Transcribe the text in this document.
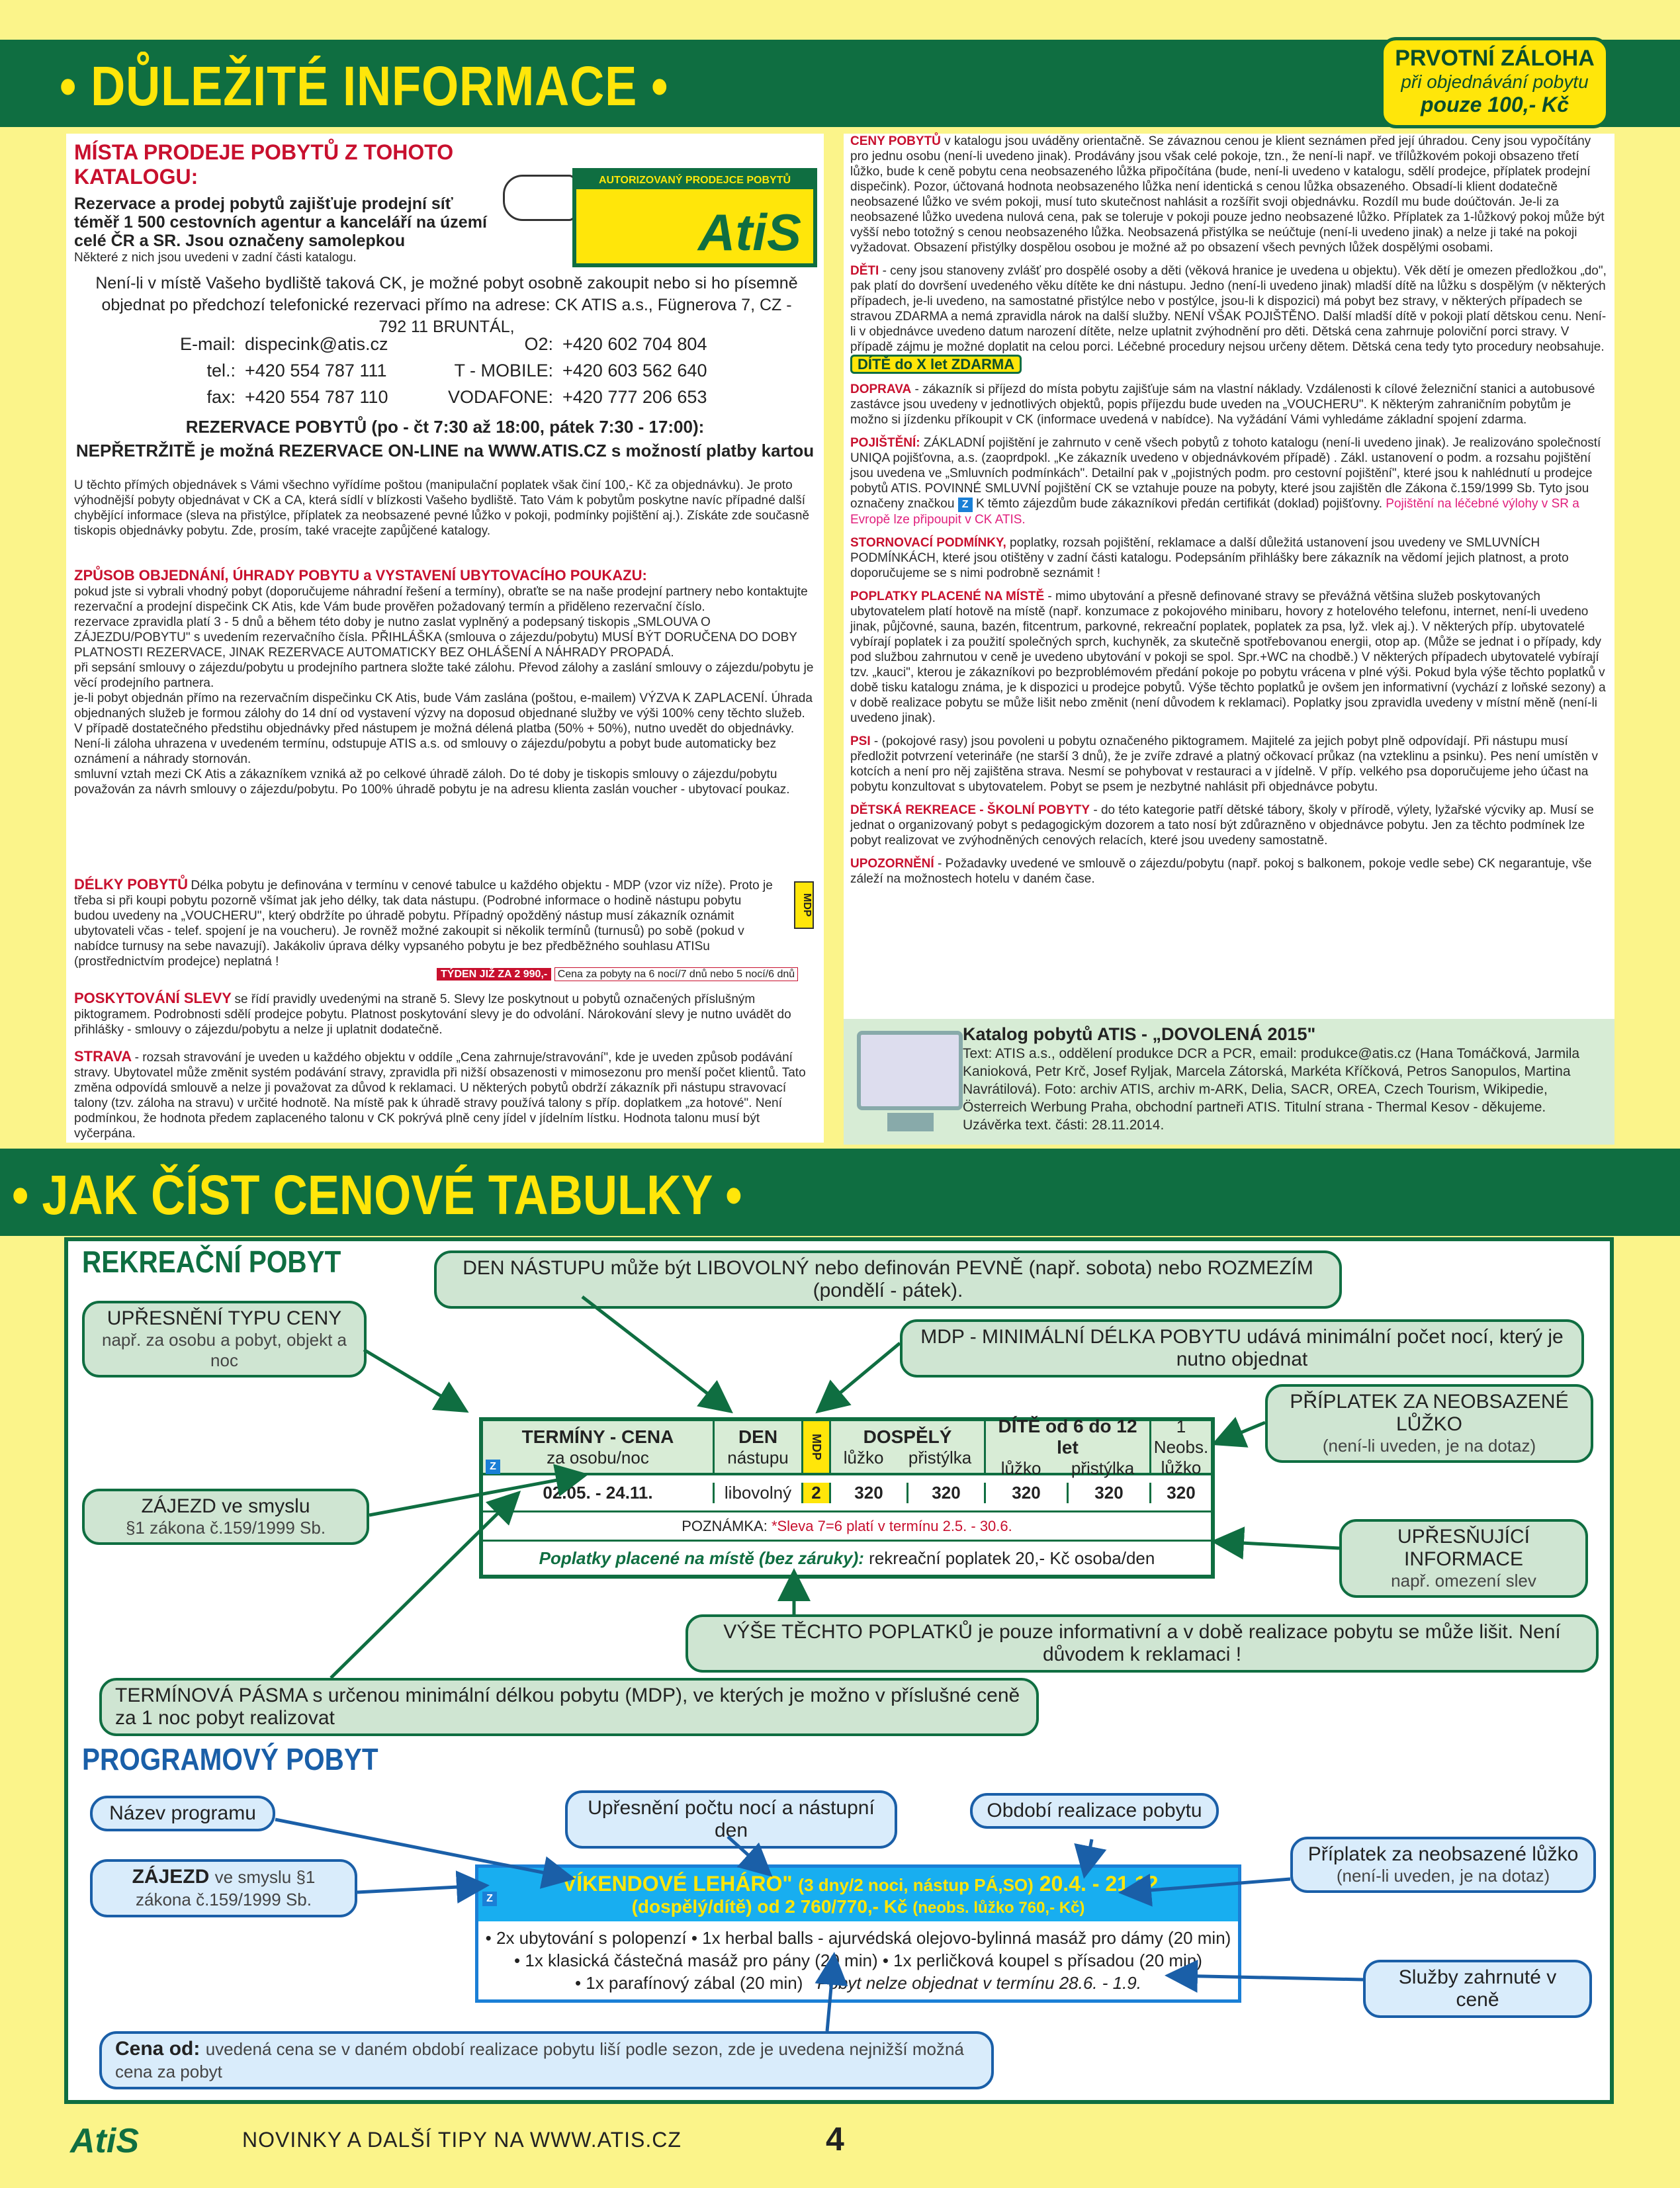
• DŮLEŽITÉ INFORMACE •	PRVOTNÍ ZÁLOHA
při objednávání pobytu
pouze 100,- Kč
MÍSTA PRODEJE POBYTŮ Z TOHOTO KATALOGU:
Rezervace a prodej pobytů zajišťuje prodejní síť téměř 1 500 cestovních agentur a kanceláří na území celé ČR a SR. Jsou označeny samolepkou
Některé z nich jsou uvedeni v zadní části katalogu.
AUTORIZOVANÝ PRODEJCE POBYTŮ
AtiS
Není-li v místě Vašeho bydliště taková CK, je možné pobyt osobně zakoupit nebo si ho písemně objednat po předchozí telefonické rezervaci přímo na adrese: CK ATIS a.s., Fügnerova 7, CZ - 792 11 BRUNTÁL,
E-mail: dispecink@atis.cz	O2: +420 602 704 804
tel.: +420 554 787 111	T - MOBILE: +420 603 562 640
fax: +420 554 787 110	VODAFONE: +420 777 206 653
REZERVACE POBYTŮ (po - čt 7:30 až 18:00, pátek 7:30 - 17:00):
NEPŘETRŽITĚ je možná REZERVACE ON-LINE na WWW.ATIS.CZ s možností platby kartou
U těchto přímých objednávek s Vámi všechno vyřídíme poštou (manipulační poplatek však činí 100,- Kč za objednávku). Je proto výhodnější pobyty objednávat v CK a CA, která sídlí v blízkosti Vašeho bydliště. Tato Vám k pobytům poskytne navíc případné další chybějící informace (sleva na přistýlce, příplatek za neobsazené pevné lůžko v pokoji, podmínky pojištění aj.). Získáte zde současně tiskopis objednávky pobytu. Zde, prosím, také vracejte zapůjčené katalogy.
ZPŮSOB OBJEDNÁNÍ, ÚHRADY POBYTU a VYSTAVENÍ UBYTOVACÍHO POUKAZU:
pokud jste si vybrali vhodný pobyt (doporučujeme náhradní řešení a termíny), obraťte se na naše prodejní partnery nebo kontaktujte rezervační a prodejní dispečink CK Atis, kde Vám bude prověřen požadovaný termín a přiděleno rezervační číslo.
rezervace zpravidla platí 3 - 5 dnů a během této doby je nutno zaslat vyplněný a podepsaný tiskopis „SMLOUVA O ZÁJEZDU/POBYTU" s uvedením rezervačního čísla. PŘIHLÁŠKA (smlouva o zájezdu/pobytu) MUSÍ BÝT DORUČENA DO DOBY PLATNOSTI REZERVACE, JINAK REZERVACE AUTOMATICKY BEZ OHLÁŠENÍ A NÁHRADY PROPADÁ.
při sepsání smlouvy o zájezdu/pobytu u prodejního partnera složte také zálohu. Převod zálohy a zaslání smlouvy o zájezdu/pobytu je věcí prodejního partnera.
je-li pobyt objednán přímo na rezervačním dispečinku CK Atis, bude Vám zaslána (poštou, e-mailem) VÝZVA K ZAPLACENÍ. Úhrada objednaných služeb je formou zálohy do 14 dní od vystavení výzvy na doposud objednané služby ve výši 100% ceny těchto služeb. V případě dostatečného předstihu objednávky před nástupem je možná délená platba (50% + 50%), nutno uvedět do objednávky. Není-li záloha uhrazena v uvedeném termínu, odstupuje ATIS a.s. od smlouvy o zájezdu/pobytu a pobyt bude automaticky bez oznámení a náhrady stornován.
smluvní vztah mezi CK Atis a zákazníkem vzniká až po celkové úhradě záloh. Do té doby je tiskopis smlouvy o zájezdu/pobytu považován za návrh smlouvy o zájezdu/pobytu. Po 100% úhradě pobytu je na adresu klienta zaslán voucher - ubytovací poukaz.
DÉLKY POBYTŮ Délka pobytu je definována v termínu v cenové tabulce u každého objektu - MDP (vzor viz níže). Proto je třeba si při koupi pobytu pozorně všímat jak jeho délky, tak data nástupu. (Podrobné informace o hodině nástupu pobytu budou uvedeny na „VOUCHERU", který obdržíte po úhradě pobytu. Případný opožděný nástup musí zákazník oznámit ubytovateli včas - telef. spojení je na voucheru). Je rovněž možné zakoupit si několik termínů (turnusů) po sobě (pokud v nabídce turnusy na sebe navazují). Jakákoliv úprava délky vypsaného pobytu je bez předběžného souhlasu ATISu (prostřednictvím prodejce) neplatná !
MDP
TÝDEN JIŽ ZA 2 990,- Cena za pobyty na 6 nocí/7 dnů nebo 5 nocí/6 dnů
POSKYTOVÁNÍ SLEVY se řídí pravidly uvedenými na straně 5. Slevy lze poskytnout u pobytů označených příslušným piktogramem. Podrobnosti sdělí prodejce pobytu. Platnost poskytování slevy je do odvolání. Nárokování slevy je nutno uvádět do přihlášky - smlouvy o zájezdu/pobytu a nelze ji uplatnit dodatečně.
STRAVA - rozsah stravování je uveden u každého objektu v oddíle „Cena zahrnuje/stravování", kde je uveden způsob podávání stravy. Ubytovatel může změnit systém podávání stravy, zpravidla při nižší obsazenosti v mimosezonu pro menší počet klientů. Tato změna odpovídá smlouvě a nelze ji považovat za důvod k reklamaci. U některých pobytů obdrží zákazník při nástupu stravovací talony (tzv. záloha na stravu) v určité hodnotě. Na místě pak k úhradě stravy používá talony s příp. doplatkem „za hotové". Není podmínkou, že hodnota předem zaplaceného talonu v CK pokrývá plně ceny jídel v jídelním lístku. Hodnota talonu musí být vyčerpána.
CENY POBYTŮ v katalogu jsou uváděny orientačně. Se závaznou cenou je klient seznámen před její úhradou. Ceny jsou vypočítány pro jednu osobu (není-li uvedeno jinak). Prodávány jsou však celé pokoje, tzn., že není-li např. ve třílůžkovém pokoji obsazeno třetí lůžko, bude k ceně pobytu cena neobsazeného lůžka připočítána (bude, není-li uvedeno v katalogu, sdělí prodejce, příplatek prodejní dispečink). Pozor, účtovaná hodnota neobsazeného lůžka není identická s cenou lůžka obsazeného. Obsadí-li klient dodatečně neobsazené lůžko ve svém pokoji, musí tuto skutečnost nahlásit a rozšířit svoji objednávku. Rozdíl mu bude doúčtován. Je-li za neobsazené lůžko uvedena nulová cena, pak se toleruje v pokoji pouze jedno neobsazené lůžko. Příplatek za 1-lůžkový pokoj může být vyšší nebo totožný s cenou neobsazeného lůžka. Neobsazená přistýlka se neúčtuje (není-li uvedeno jinak) a nelze ji také na pokoji vyžadovat. Obsazení přistýlky dospělou osobou je možné až po obsazení všech pevných lůžek dospělými osobami.
DĚTI - ceny jsou stanoveny zvlášť pro dospělé osoby a děti (věková hranice je uvedena u objektu). Věk dětí je omezen předložkou „do", pak platí do dovršení uvedeného věku dítěte ke dni nástupu. Jedno (není-li uvedeno jinak) mladší dítě na lůžku s dospělým (v některých případech, je-li uvedeno, na samostatné přistýlce nebo v postýlce, jsou-li k dispozici) má pobyt bez stravy, v některých případech se stravou ZDARMA a nemá zpravidla nárok na další služby. NENÍ VŠAK POJIŠTĚNO. Další mladší dítě v pokoji platí dětskou cenu. Není-li v objednávce uvedeno datum narození dítěte, nelze uplatnit zvýhodnění pro děti. Dětská cena zahrnuje poloviční porci stravy. V případě zájmu je možné doplatit na celou porci. Léčebné procedury nejsou určeny dětem. Dětská cena tedy tyto procedury neobsahuje. DÍTĚ do X let ZDARMA
DOPRAVA - zákazník si příjezd do místa pobytu zajišťuje sám na vlastní náklady. Vzdálenosti k cílové železniční stanici a autobusové zastávce jsou uvedeny v jednotlivých objektů, popis příjezdu bude uveden na „VOUCHERU". K některým zahraničním pobytům je možno si jízdenku příkoupit v CK (informace uvedená v nabídce). Na vyžádání Vámi vyhledáme základní spojení zdarma.
POJIŠTĚNÍ: ZÁKLADNÍ pojištění je zahrnuto v ceně všech pobytů z tohoto katalogu (není-li uvedeno jinak). Je realizováno společností UNIQA pojišťovna, a.s. (zaoprdpokl. „Ke zákazník uvedeno v objednávkovém případě) . Zákl. ustanovení o podm. a rozsahu pojištění jsou uvedena ve „Smluvních podmínkách". Detailní pak v „pojistných podm. pro cestovní pojištění", které jsou k nahlédnutí u prodejce pobytů ATIS. POVINNÉ SMLUVNÍ pojištění CK se vztahuje pouze na pobyty, které jsou zajištěn dle Zákona č.159/1999 Sb. Tyto jsou označeny značkou Z K těmto zájezdům bude zákazníkovi předán certifikát (doklad) pojišťovny. Pojištění na léčebné výlohy v SR a Evropě lze připoupit v CK ATIS.
STORNOVACÍ PODMÍNKY, poplatky, rozsah pojištění, reklamace a další důležitá ustanovení jsou uvedeny ve SMLUVNÍCH PODMÍNKÁCH, které jsou otištěny v zadní části katalogu. Podepsáním přihlášky bere zákazník na vědomí jejich platnost, a proto doporučujeme se s nimi podrobně seznámit !
POPLATKY PLACENÉ NA MÍSTĚ - mimo ubytování a přesně definované stravy se převážná většina služeb poskytovaných ubytovatelem platí hotově na místě (např. konzumace z pokojového minibaru, hovory z hotelového telefonu, internet, není-li uvedeno jinak, půjčovné, sauna, bazén, fitcentrum, parkovné, rekreační poplatek, poplatek za psa, lyž. vlek aj.). V některých příp. ubytovatelé vybírají poplatek i za použití společných sprch, kuchyněk, za skutečně spotřebovanou energii, otop ap. (Může se jednat i o případy, kdy pod službou zahrnutou v ceně je uvedeno ubytování v pokoji se spol. Spr.+WC na chodbě.) V některých případech ubytovatelé vybírají tzv. „kauci", kterou je zákazníkovi po bezproblémovém předání pokoje po pobytu vrácena v plné výši. Pokud byla výše těchto poplatků v době tisku katalogu známa, je k dispozici u prodejce pobytů. Výše těchto poplatků je ovšem jen informativní (vychází z loňské sezony) a v době realizace pobytu se může lišit nebo změnit (není důvodem k reklamaci). Poplatky jsou zpravidla uvedeny v místní měně (není-li uvedeno jinak).
PSI - (pokojové rasy) jsou povoleni u pobytu označeného piktogramem. Majitelé za jejich pobyt plně odpovídají. Při nástupu musí předložit potvrzení veterináře (ne starší 3 dnů), že je zvíře zdravé a platný očkovací průkaz (na vzteklinu a psinku). Pes není umístěn v kotcích a není pro něj zajištěna strava. Nesmí se pohybovat v restauraci a v jídelně. V příp. velkého psa doporučujeme jeho účast na pobytu konzultovat s ubytovatelem. Pobyt se psem je nezbytné nahlásit při objednávce pobytu.
DĚTSKÁ REKREACE - ŠKOLNÍ POBYTY - do této kategorie patří dětské tábory, školy v přírodě, výlety, lyžařské výcviky ap. Musí se jednat o organizovaný pobyt s pedagogickým dozorem a tato nosí být zdůrazněno v objednávce pobytu. Jen za těchto podmínek lze pobyt realizovat ve zvýhodněných cenových relacích, které jsou uvedeny samostatně.
UPOZORNĚNÍ - Požadavky uvedené ve smlouvě o zájezdu/pobytu (např. pokoj s balkonem, pokoje vedle sebe) CK negarantuje, vše záleží na možnostech hotelu v daném čase.
Katalog pobytů ATIS - „DOVOLENÁ 2015"
Text: ATIS a.s., oddělení produkce DCR a PCR, email: produkce@atis.cz (Hana Tomáčková, Jarmila Kanioková, Petr Krč, Josef Ryljak, Marcela Zátorská, Markéta Kříčková, Petros Sanopulos, Martina Navrátilová). Foto: archiv ATIS, archiv m-ARK, Delia, SACR, OREA, Czech Tourism, Wikipedie, Österreich Werbung Praha, obchodní partneři ATIS. Titulní strana - Thermal Kesov - děkujeme. Uzávěrka text. části: 28.11.2014.
• JAK ČÍST CENOVÉ TABULKY •
REKREAČNÍ POBYT	DEN NÁSTUPU může být LIBOVOLNÝ nebo definován PEVNĚ (např. sobota) nebo ROZMEZÍM (pondělí - pátek).
UPŘESNĚNÍ TYPU CENY
např. za osobu a pobyt, objekt a noc
MDP - MINIMÁLNÍ DÉLKA POBYTU udává minimální počet nocí, který je nutno objednat
PŘÍPLATEK ZA NEOBSAZENÉ LŮŽKO
(není-li uveden, je na dotaz)
ZÁJEZD ve smyslu
§1 zákona č.159/1999 Sb.	UPŘESŇUJÍCÍ INFORMACE
např. omezení slev
VÝŠE TĚCHTO POPLATKŮ je pouze informativní a v době realizace pobytu se může lišit. Není důvodem k reklamaci !
TERMÍNOVÁ PÁSMA s určenou minimální délkou pobytu (MDP), ve kterých je možno v příslušné ceně za 1 noc pobyt realizovat
TERMÍNY - CENA
za osobu/noc
DEN
nástupu	MDP	DOSPĚLÝ
lůžko přistýlka
DÍTĚ od 6 do 12 let
lůžko přistýlka
1 Neobs.
lůžko
02.05. - 24.11.	libovolný	2	320	320	320	320	320
POZNÁMKA:
*Sleva 7=6 platí v termínu 2.5. - 30.6.
Poplatky placené na místě (bez záruky):
rekreační poplatek 20,- Kč osoba/den
Z
PROGRAMOVÝ POBYT
Název programu	Upřesnění počtu nocí a nástupní den
Období realizace pobytu
Příplatek za neobsazené lůžko
(není-li uveden, je na dotaz)
ZÁJEZD ve smyslu §1 zákona č.159/1999 Sb.
Služby zahrnuté v ceně
Cena od: uvedená cena se v daném období realizace pobytu liší podle sezon, zde je uvedena nejnižší možná cena za pobyt
"VÍKENDOVÉ LEHÁRO" (3 dny/2 noci, nástup PÁ,SO) 20.4. - 21.12.
(dospělý/dítě) od 2 760/770,- Kč (neobs. lůžko 760,- Kč)
• 2x ubytování s polopenzí • 1x herbal balls - ajurvédská olejovo-bylinná masáž pro dámy (20 min)
• 1x klasická částečná masáž pro pány (20 min) • 1x perličková koupel s přísadou (20 min)
• 1x parafínový zábal (20 min) Pobyt nelze objednat v termínu 28.6. - 1.9.
Z
AtiS	NOVINKY A DALŠÍ TIPY NA WWW.ATIS.CZ	4
